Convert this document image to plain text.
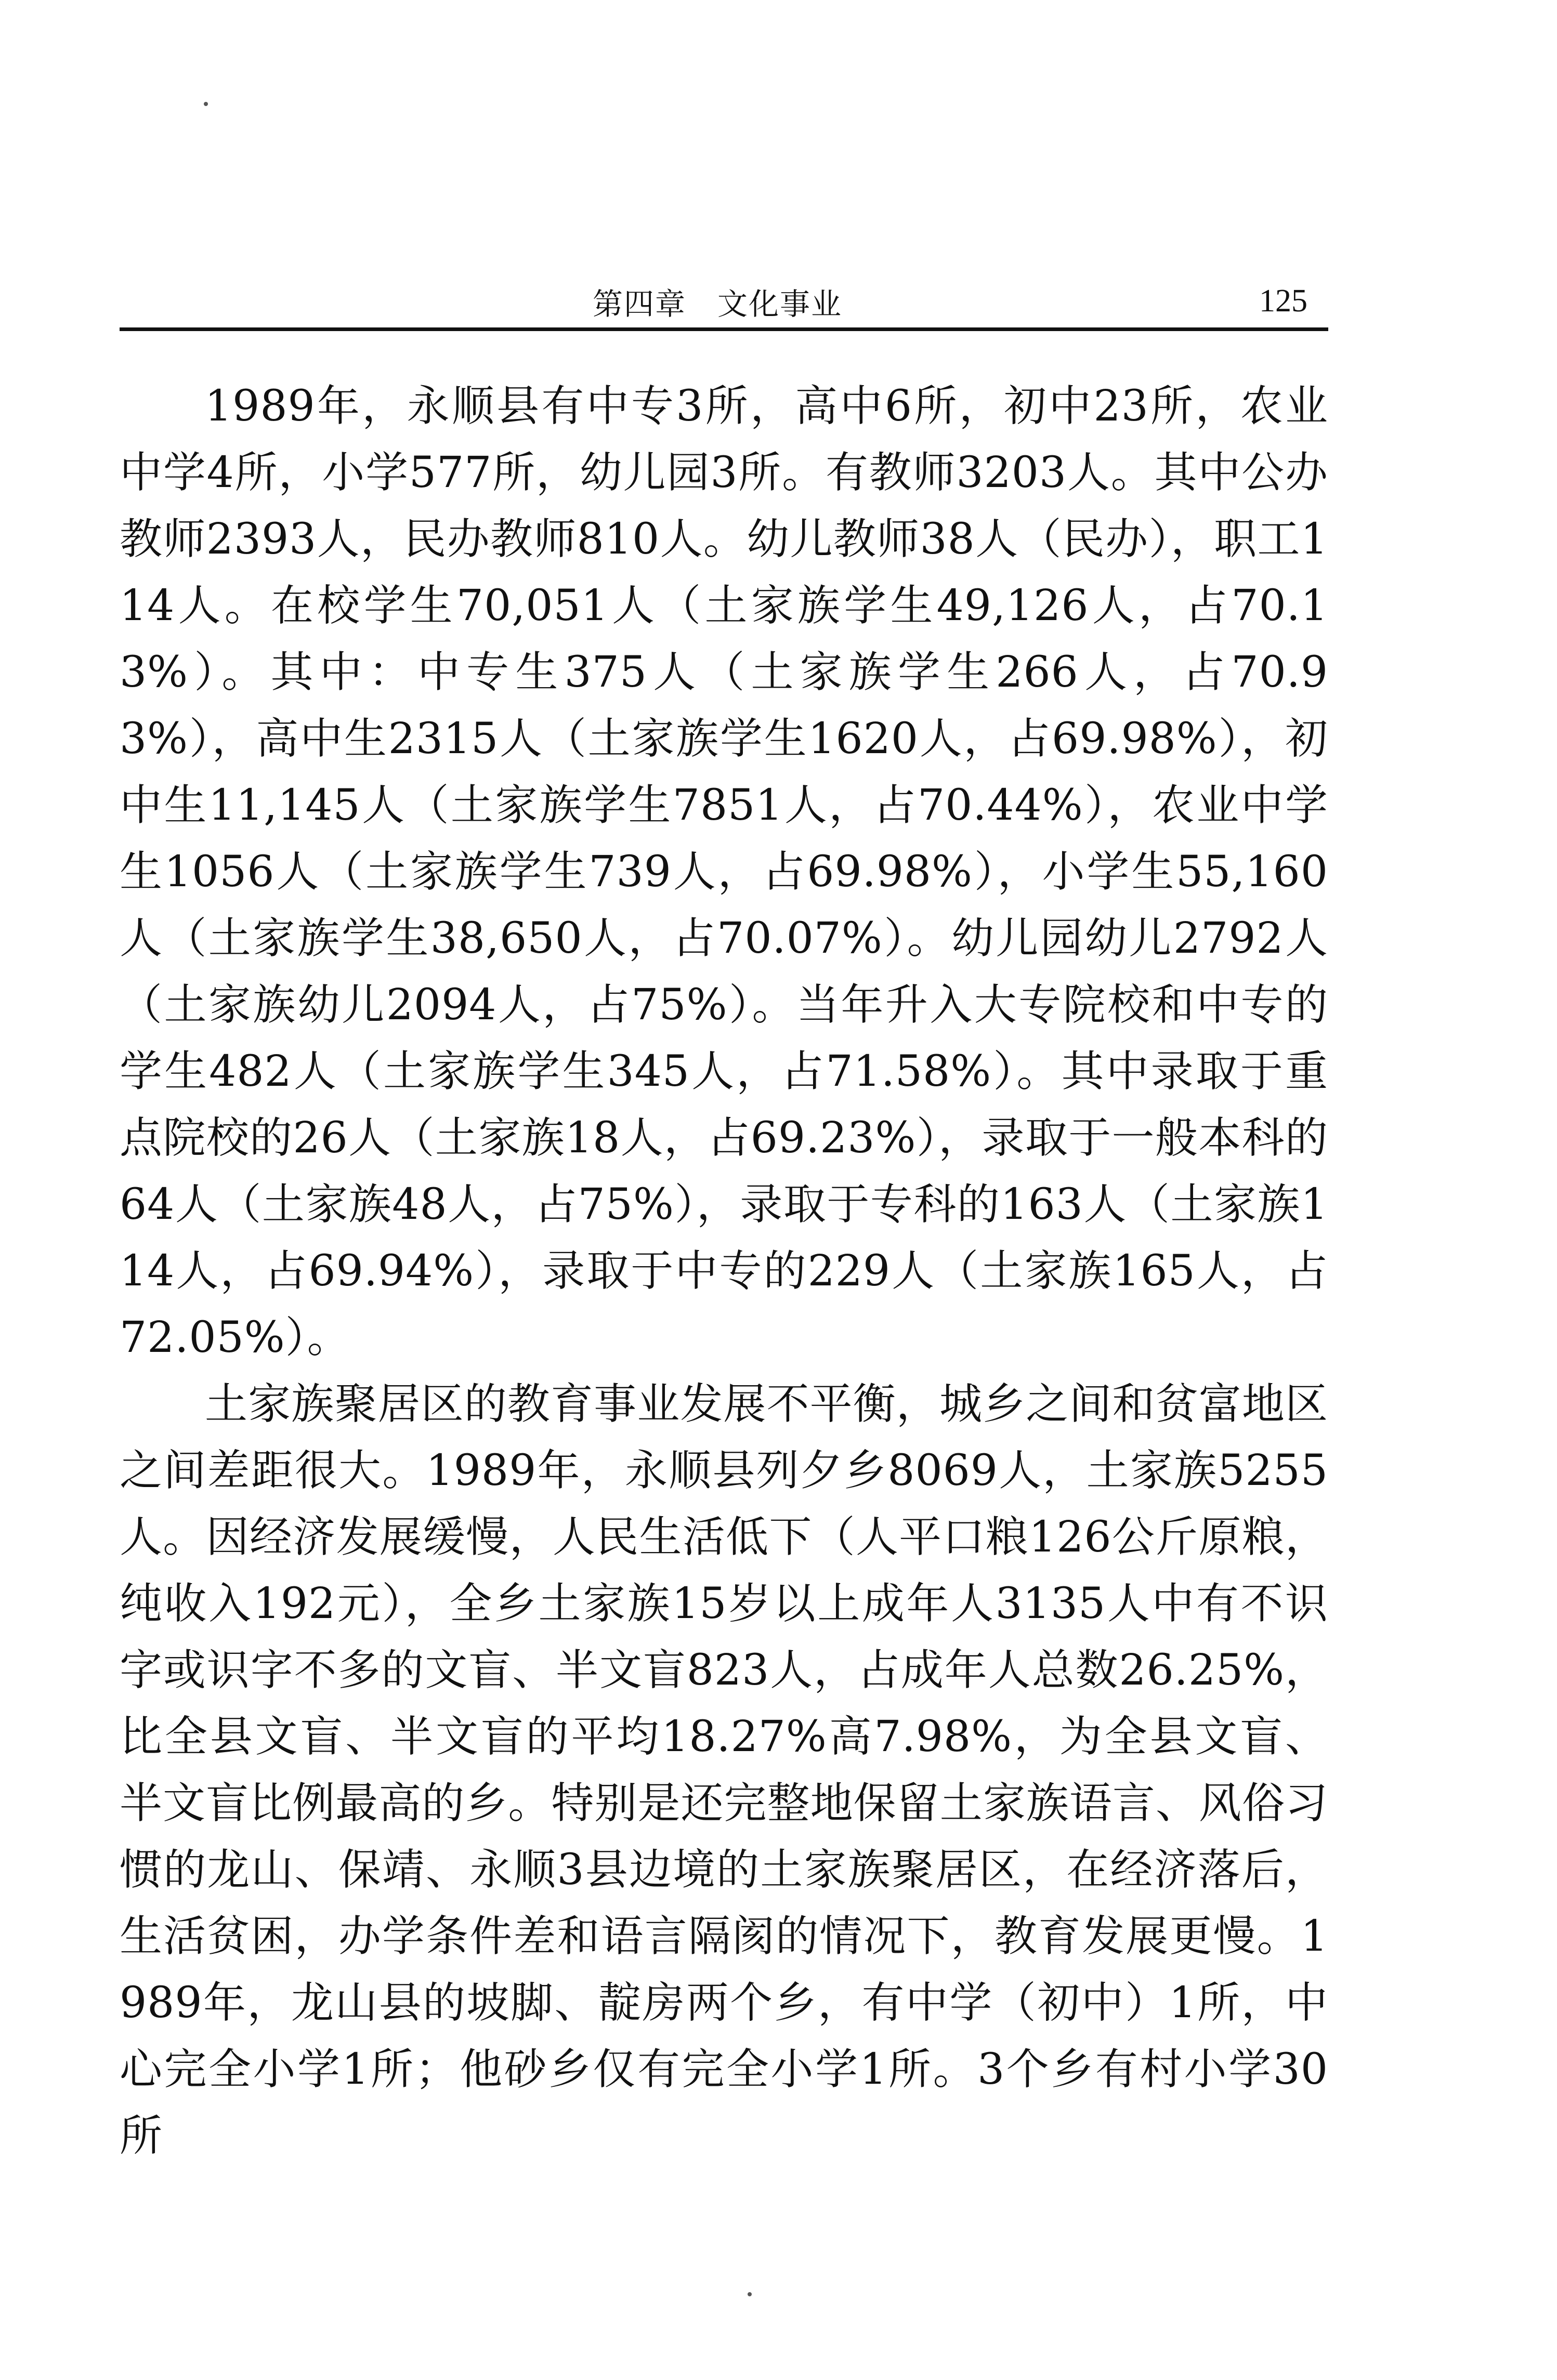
第四章　文化事业	125

1989年，永顺县有中专3所，高中6所，初中23所，农业中学4所，小学577所，幼儿园3所。有教师3203人。其中公办教师2393人，民办教师810人。幼儿教师38人（民办），职工114人。在校学生70,051人（土家族学生49,126人，占70.13%）。其中：中专生375人（土家族学生266人，占70.93%），高中生2315人（土家族学生1620人，占69.98%），初中生11,145人（土家族学生7851人，占70.44%），农业中学生1056人（土家族学生739人，占69.98%），小学生55,160人（土家族学生38,650人，占70.07%）。幼儿园幼儿2792人（土家族幼儿2094人，占75%）。当年升入大专院校和中专的学生482人（土家族学生345人，占71.58%）。其中录取于重点院校的26人（土家族18人，占69.23%），录取于一般本科的64人（土家族48人，占75%），录取于专科的163人（土家族114人，占69.94%），录取于中专的229人（土家族165人，占72.05%）。

土家族聚居区的教育事业发展不平衡，城乡之间和贫富地区之间差距很大。1989年，永顺县列夕乡8069人，土家族5255人。因经济发展缓慢，人民生活低下（人平口粮126公斤原粮，纯收入192元），全乡土家族15岁以上成年人3135人中有不识字或识字不多的文盲、半文盲823人，占成年人总数26.25%，比全县文盲、半文盲的平均18.27%高7.98%，为全县文盲、半文盲比例最高的乡。特别是还完整地保留土家族语言、风俗习惯的龙山、保靖、永顺3县边境的土家族聚居区，在经济落后，生活贫困，办学条件差和语言隔阂的情况下，教育发展更慢。1989年，龙山县的坡脚、靛房两个乡，有中学（初中）1所，中心完全小学1所；他砂乡仅有完全小学1所。3个乡有村小学30所
